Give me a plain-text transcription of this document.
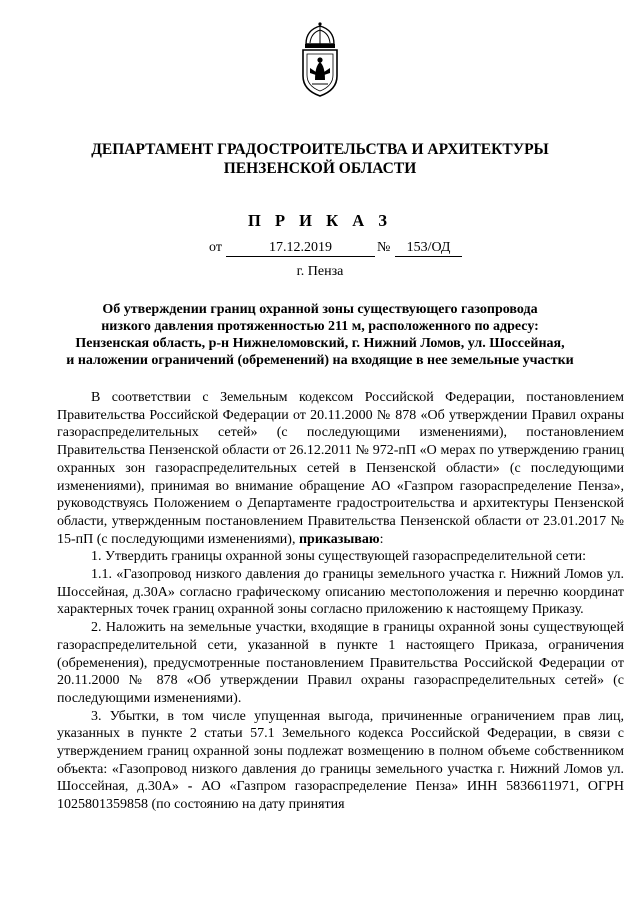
ДЕПАРТАМЕНТ ГРАДОСТРОИТЕЛЬСТВА И АРХИТЕКТУРЫ
ПЕНЗЕНСКОЙ ОБЛАСТИ
П Р И К А З
от	17.12.2019	№	153/ОД
г. Пенза
Об утверждении границ охранной зоны существующего газопровода
низкого давления протяженностью 211 м, расположенного по адресу:
Пензенская область, р-н Нижнеломовский, г. Нижний Ломов, ул. Шоссейная,
и наложении ограничений (обременений) на входящие в нее земельные участки

В соответствии с Земельным кодексом Российской Федерации, постановлением Правительства Российской Федерации от 20.11.2000 № 878 «Об утверждении Правил охраны газораспределительных сетей» (с последующими изменениями), постановлением Правительства Пензенской области от 26.12.2011 № 972-пП «О мерах по утверждению границ охранных зон газораспределительных сетей в Пензенской области» (с последующими изменениями), принимая во внимание обращение АО «Газпром газораспределение Пенза», руководствуясь Положением о Департаменте градостроительства и архитектуры Пензенской области, утвержденным постановлением Правительства Пензенской области от 23.01.2017 № 15-пП (с последующими изменениями), приказываю:

1. Утвердить границы охранной зоны существующей газораспределительной сети:

1.1. «Газопровод низкого давления до границы земельного участка г. Нижний Ломов ул. Шоссейная, д.30А» согласно графическому описанию местоположения и перечню координат характерных точек границ охранной зоны согласно приложению к настоящему Приказу.

2. Наложить на земельные участки, входящие в границы охранной зоны существующей газораспределительной сети, указанной в пункте 1 настоящего Приказа, ограничения (обременения), предусмотренные постановлением Правительства Российской Федерации от 20.11.2000 № 878 «Об утверждении Правил охраны газораспределительных сетей» (с последующими изменениями).

3. Убытки, в том числе упущенная выгода, причиненные ограничением прав лиц, указанных в пункте 2 статьи 57.1 Земельного кодекса Российской Федерации, в связи с утверждением границ охранной зоны подлежат возмещению в полном объеме собственником объекта: «Газопровод низкого давления до границы земельного участка г. Нижний Ломов ул. Шоссейная, д.30А» - АО «Газпром газораспределение Пенза» ИНН 5836611971, ОГРН 1025801359858 (по состоянию на дату принятия
